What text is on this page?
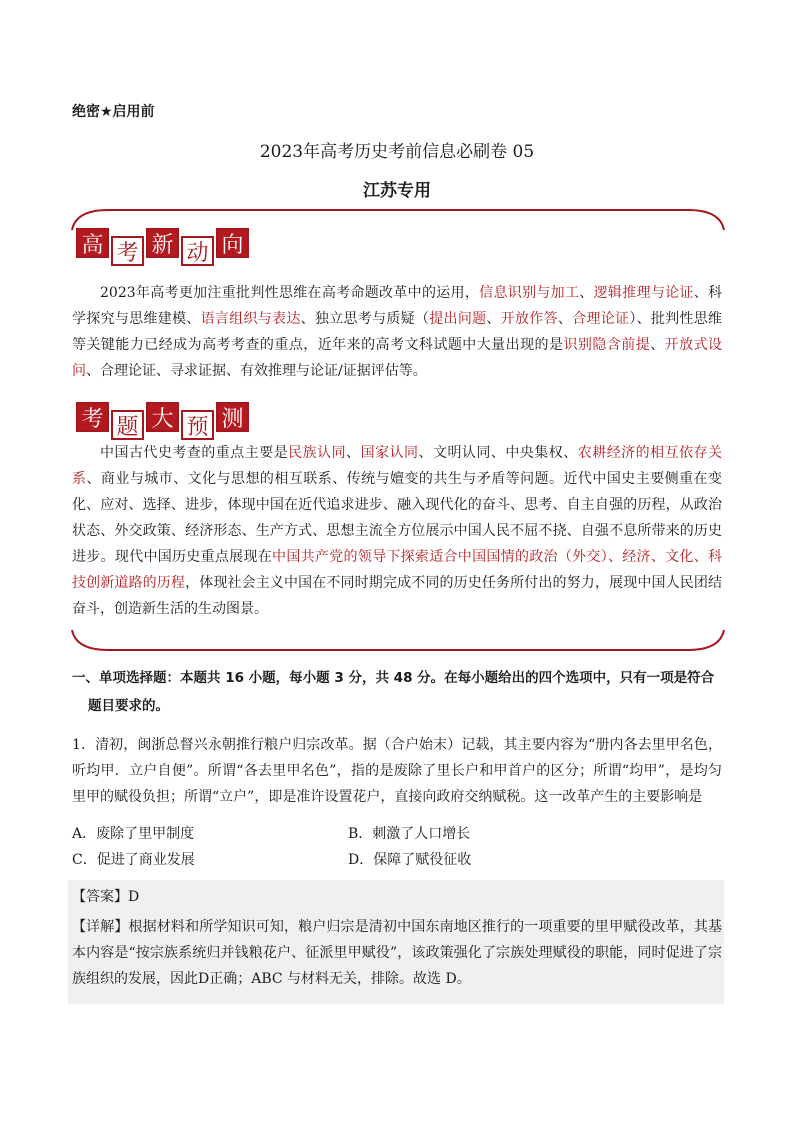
绝密★启用前
2023年高考历史考前信息必刷卷 05
江苏专用
高 考 新 动 向
2023年高考更加注重批判性思维在高考命题改革中的运用，信息识别与加工、逻辑推理与论证、科学探究与思维建模、语言组织与表达、独立思考与质疑（提出问题、开放作答、合理论证）、批判性思维等关键能力已经成为高考考查的重点，近年来的高考文科试题中大量出现的是识别隐含前提、开放式设问、合理论证、寻求证据、有效推理与论证/证据评估等。
考 题 大 预 测
中国古代史考查的重点主要是民族认同、国家认同、文明认同、中央集权、农耕经济的相互依存关系、商业与城市、文化与思想的相互联系、传统与嬗变的共生与矛盾等问题。近代中国史主要侧重在变化、应对、选择、进步，体现中国在近代追求进步、融入现代化的奋斗、思考、自主自强的历程，从政治状态、外交政策、经济形态、生产方式、思想主流全方位展示中国人民不屈不挠、自强不息所带来的历史进步。现代中国历史重点展现在中国共产党的领导下探索适合中国国情的政治（外交）、经济、文化、科技创新道路的历程，体现社会主义中国在不同时期完成不同的历史任务所付出的努力，展现中国人民团结奋斗，创造新生活的生动图景。
一、单项选择题：本题共 16 小题，每小题 3 分，共 48 分。在每小题给出的四个选项中，只有一项是符合
题目要求的。
1．清初，闽浙总督兴永朝推行粮户归宗改革。据（合户始末）记载，其主要内容为“册内各去里甲名色，听均甲．立户自便”。所谓“各去里甲名色”，指的是废除了里长户和甲首户的区分；所谓“均甲”，是均匀里甲的赋役负担；所谓“立户”，即是准许设置花户，直接向政府交纳赋税。这一改革产生的主要影响是
A．废除了里甲制度	B．刺激了人口增长
C．促进了商业发展	D．保障了赋役征收
【答案】D
【详解】根据材料和所学知识可知，粮户归宗是清初中国东南地区推行的一项重要的里甲赋役改革，其基本内容是“按宗族系统归并钱粮花户、征派里甲赋役”，该政策强化了宗族处理赋役的职能，同时促进了宗族组织的发展，因此D正确；ABC 与材料无关，排除。故选 D。
